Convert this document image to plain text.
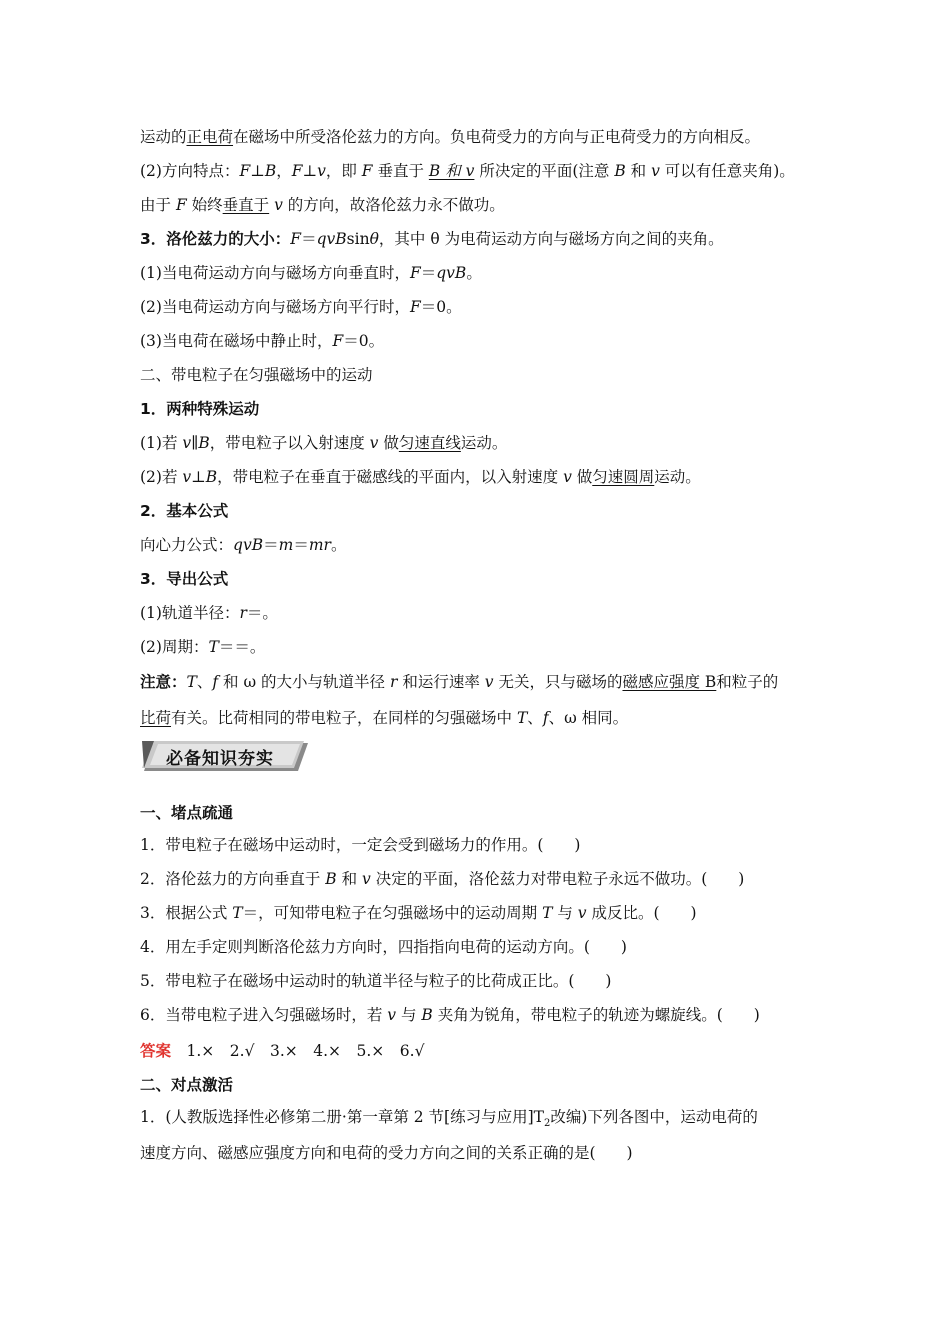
运动的正电荷在磁场中所受洛伦兹力的方向。负电荷受力的方向与正电荷受力的方向相反。
(2)方向特点：F⊥B，F⊥v，即 F 垂直于 B 和 v 所决定的平面(注意 B 和 v 可以有任意夹角)。
由于 F 始终垂直于 v 的方向，故洛伦兹力永不做功。
3．洛伦兹力的大小：F＝qvBsinθ，其中 θ 为电荷运动方向与磁场方向之间的夹角。
(1)当电荷运动方向与磁场方向垂直时，F＝qvB。
(2)当电荷运动方向与磁场方向平行时，F＝0。
(3)当电荷在磁场中静止时，F＝0。
二、带电粒子在匀强磁场中的运动
1．两种特殊运动
(1)若 v∥B，带电粒子以入射速度 v 做匀速直线运动。
(2)若 v⊥B，带电粒子在垂直于磁感线的平面内，以入射速度 v 做匀速圆周运动。
2．基本公式
向心力公式：qvB＝m＝mr。
3．导出公式
(1)轨道半径：r＝。
(2)周期：T＝＝。
注意：T、f 和 ω 的大小与轨道半径 r 和运行速率 v 无关，只与磁场的磁感应强度 B和粒子的
比荷有关。比荷相同的带电粒子，在同样的匀强磁场中 T、f、ω 相同。
必备知识夯实
一、堵点疏通
1．带电粒子在磁场中运动时，一定会受到磁场力的作用。(　　)
2．洛伦兹力的方向垂直于 B 和 v 决定的平面，洛伦兹力对带电粒子永远不做功。(　　)
3．根据公式 T＝，可知带电粒子在匀强磁场中的运动周期 T 与 v 成反比。(　　)
4．用左手定则判断洛伦兹力方向时，四指指向电荷的运动方向。(　　)
5．带电粒子在磁场中运动时的轨道半径与粒子的比荷成正比。(　　)
6．当带电粒子进入匀强磁场时，若 v 与 B 夹角为锐角，带电粒子的轨迹为螺旋线。(　　)
答案　1.×　2.√　3.×　4.×　5.×　6.√
二、对点激活
1．(人教版选择性必修第二册·第一章第 2 节[练习与应用]$T_2$改编)下列各图中，运动电荷的
速度方向、磁感应强度方向和电荷的受力方向之间的关系正确的是(　　)
